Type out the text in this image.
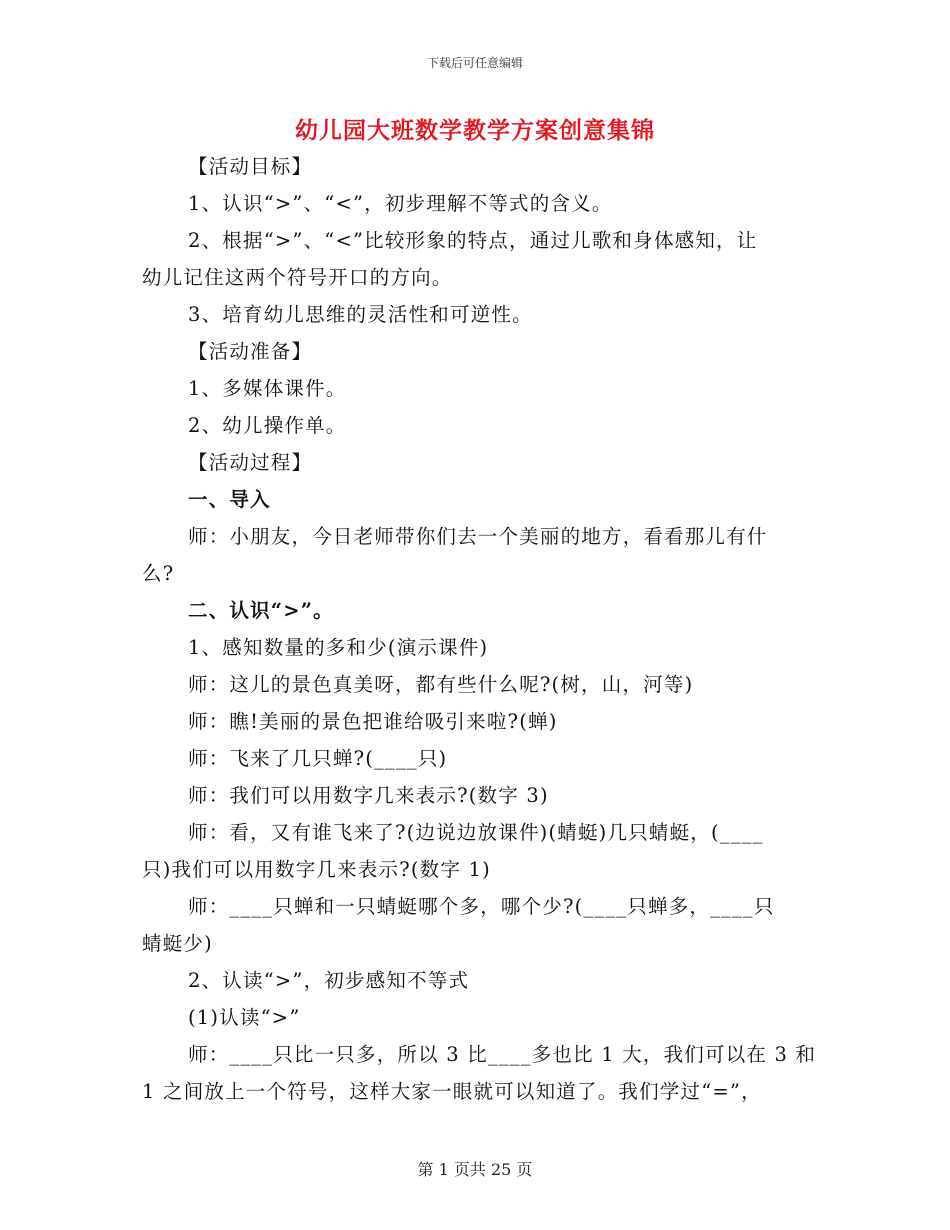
下载后可任意编辑
幼儿园大班数学教学方案创意集锦
【活动目标】
1、认识“>”、“<”，初步理解不等式的含义。
2、根据“>”、“<”比较形象的特点，通过儿歌和身体感知，让
幼儿记住这两个符号开口的方向。
3、培育幼儿思维的灵活性和可逆性。
【活动准备】
1、多媒体课件。
2、幼儿操作单。
【活动过程】
一、导入
师：小朋友，今日老师带你们去一个美丽的地方，看看那儿有什
么?
二、认识“>”。
1、感知数量的多和少(演示课件)
师：这儿的景色真美呀，都有些什么呢?(树，山，河等)
师：瞧!美丽的景色把谁给吸引来啦?(蝉)
师：飞来了几只蝉?(____只)
师：我们可以用数字几来表示?(数字 3)
师：看，又有谁飞来了?(边说边放课件)(蜻蜓)几只蜻蜓，(____
只)我们可以用数字几来表示?(数字 1)
师：____只蝉和一只蜻蜓哪个多，哪个少?(____只蝉多，____只
蜻蜓少)
2、认读“>”，初步感知不等式
(1)认读“>”
师：____只比一只多，所以 3 比____多也比 1 大，我们可以在 3 和
1 之间放上一个符号，这样大家一眼就可以知道了。我们学过“=”，
第 1 页共 25 页
